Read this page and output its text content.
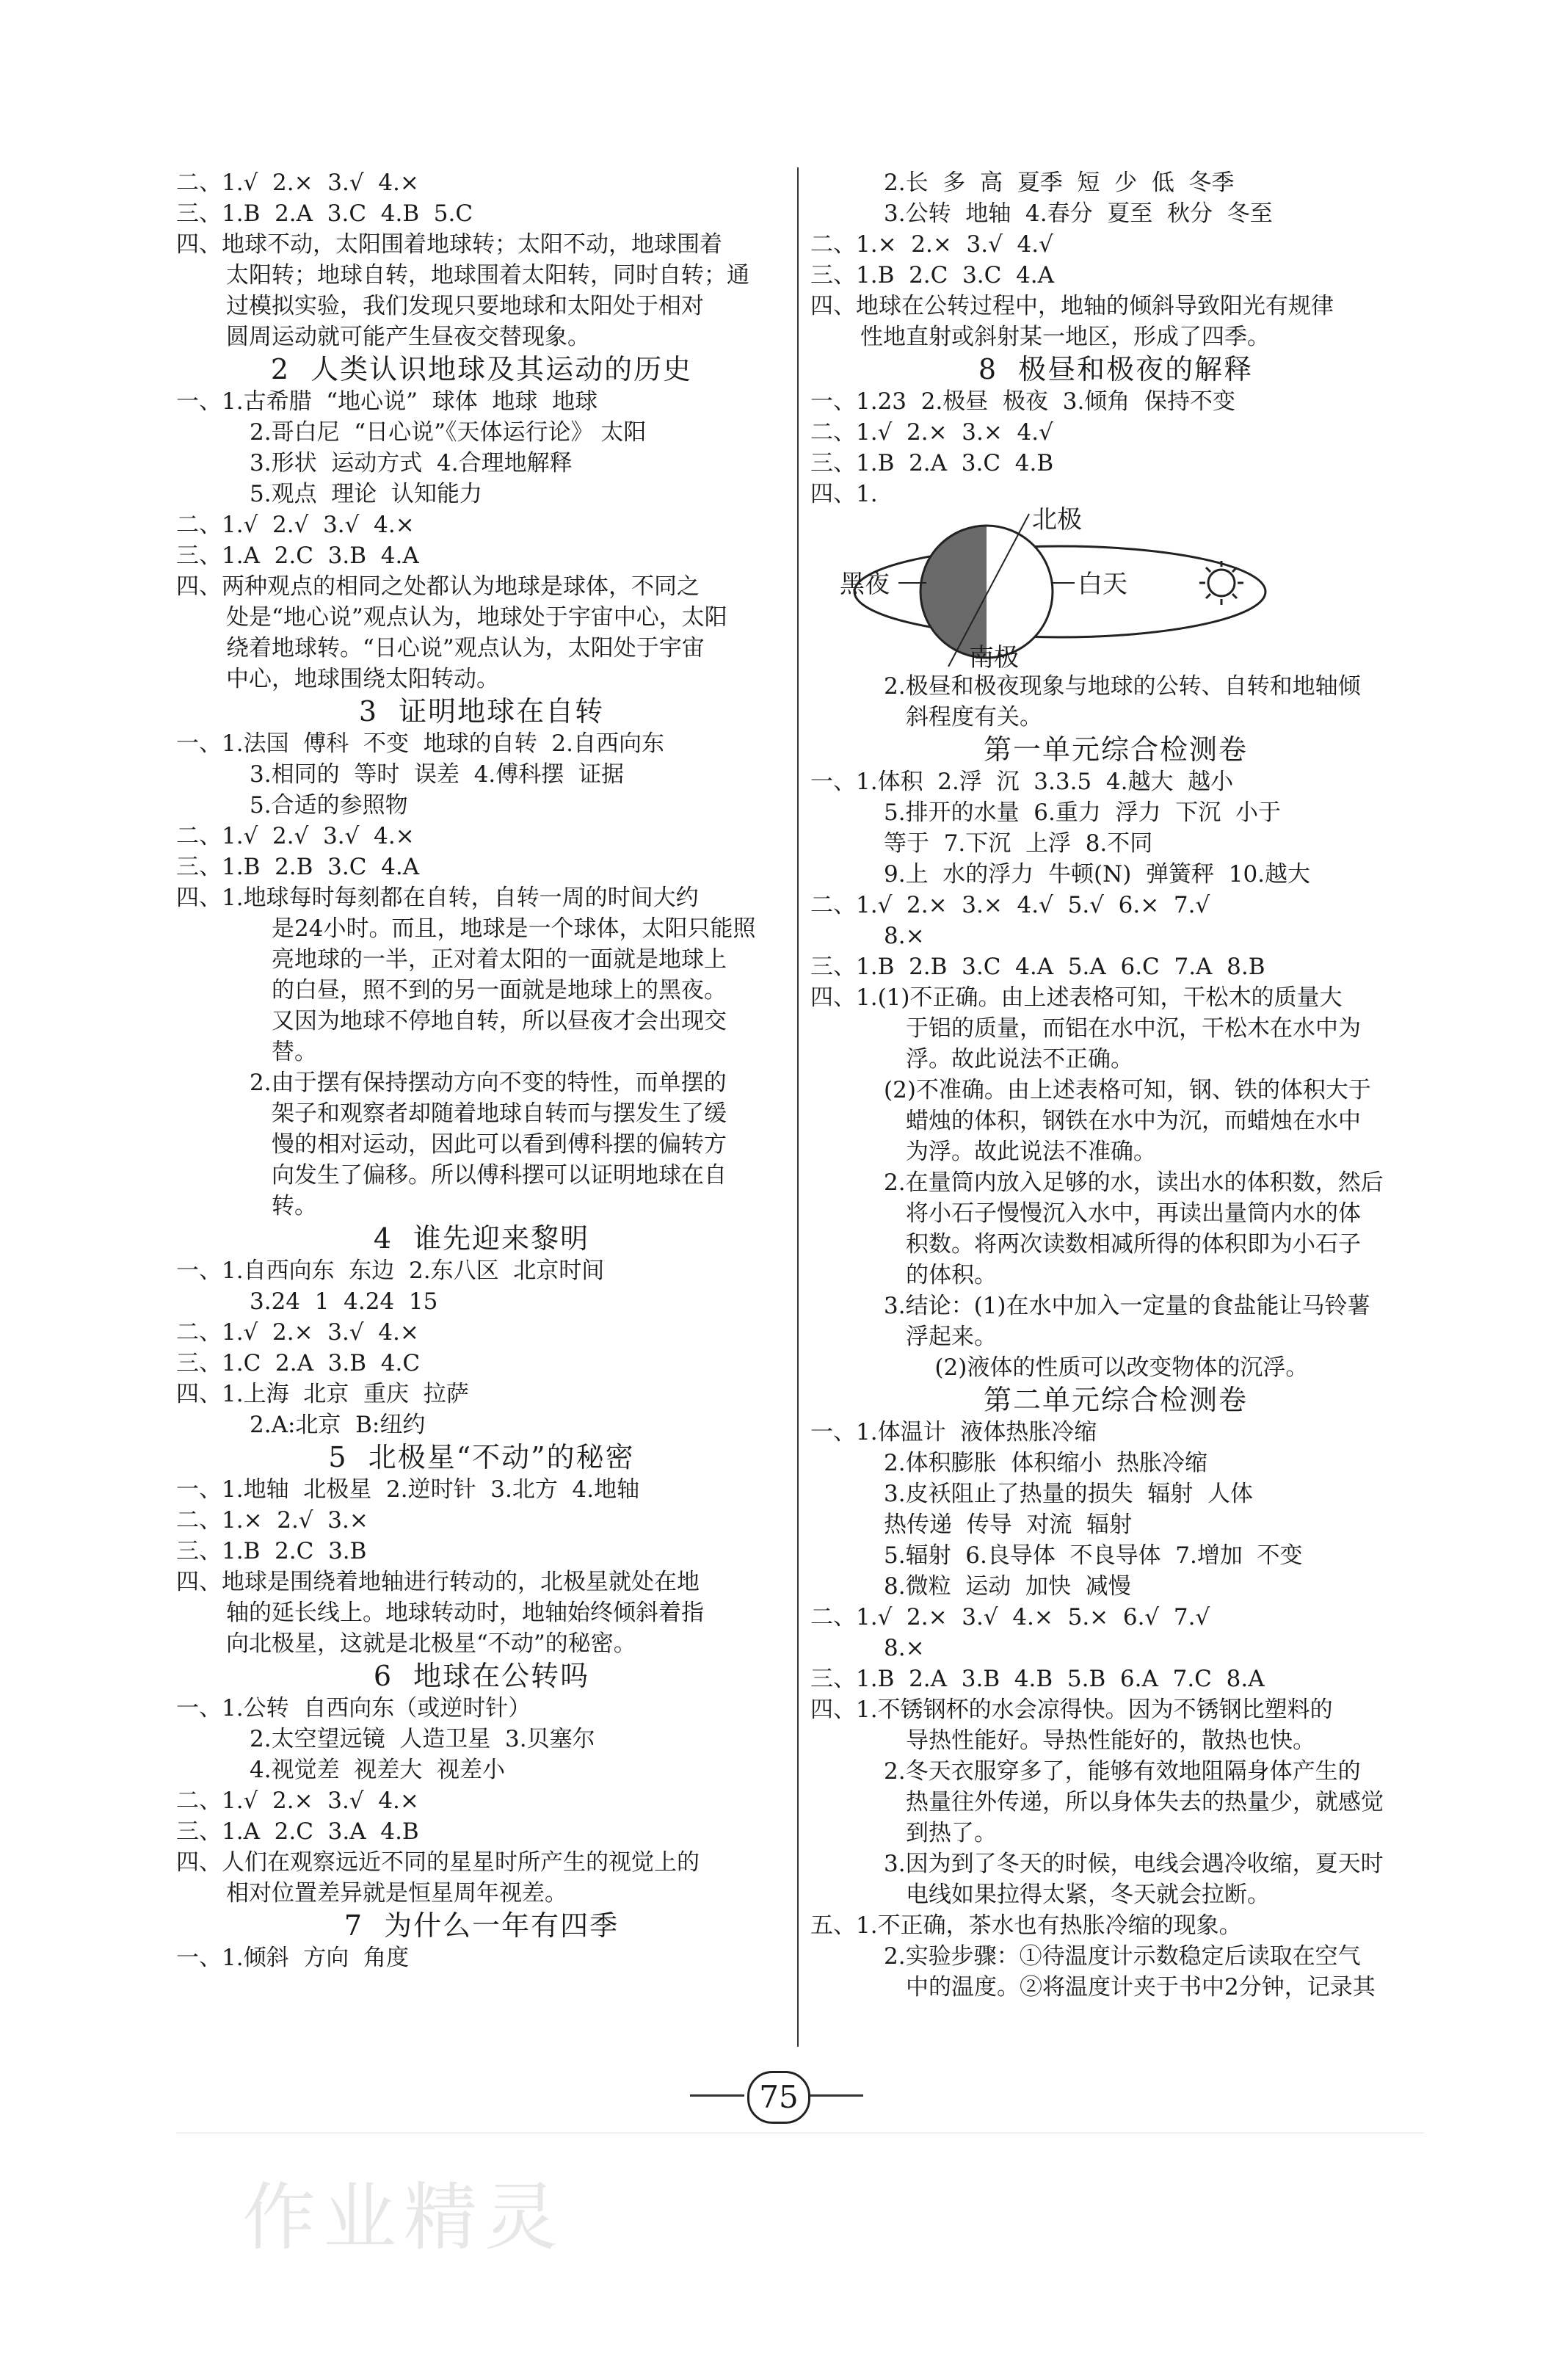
二、1.√  2.×  3.√  4.×
三、1.B  2.A  3.C  4.B  5.C
四、地球不动，太阳围着地球转；太阳不动，地球围着
太阳转；地球自转，地球围着太阳转，同时自转；通
过模拟实验，我们发现只要地球和太阳处于相对
圆周运动就可能产生昼夜交替现象。
2  人类认识地球及其运动的历史
一、1.古希腊  “地心说”  球体  地球  地球
2.哥白尼  “日心说”《天体运行论》 太阳
3.形状  运动方式  4.合理地解释
5.观点  理论  认知能力
二、1.√  2.√  3.√  4.×
三、1.A  2.C  3.B  4.A
四、两种观点的相同之处都认为地球是球体，不同之
处是“地心说”观点认为，地球处于宇宙中心，太阳
绕着地球转。“日心说”观点认为，太阳处于宇宙
中心，地球围绕太阳转动。
3  证明地球在自转
一、1.法国  傅科  不变  地球的自转  2.自西向东
3.相同的  等时  误差  4.傅科摆  证据
5.合适的参照物
二、1.√  2.√  3.√  4.×
三、1.B  2.B  3.C  4.A
四、1.地球每时每刻都在自转，自转一周的时间大约
是24小时。而且，地球是一个球体，太阳只能照
亮地球的一半，正对着太阳的一面就是地球上
的白昼，照不到的另一面就是地球上的黑夜。
又因为地球不停地自转，所以昼夜才会出现交
替。
2.由于摆有保持摆动方向不变的特性，而单摆的
架子和观察者却随着地球自转而与摆发生了缓
慢的相对运动，因此可以看到傅科摆的偏转方
向发生了偏移。所以傅科摆可以证明地球在自
转。
4  谁先迎来黎明
一、1.自西向东  东边  2.东八区  北京时间
3.24  1  4.24  15
二、1.√  2.×  3.√  4.×
三、1.C  2.A  3.B  4.C
四、1.上海  北京  重庆  拉萨
2.A:北京  B:纽约
5  北极星“不动”的秘密
一、1.地轴  北极星  2.逆时针  3.北方  4.地轴
二、1.×  2.√  3.×
三、1.B  2.C  3.B
四、地球是围绕着地轴进行转动的，北极星就处在地
轴的延长线上。地球转动时，地轴始终倾斜着指
向北极星，这就是北极星“不动”的秘密。
6  地球在公转吗
一、1.公转  自西向东（或逆时针）
2.太空望远镜  人造卫星  3.贝塞尔
4.视觉差  视差大  视差小
二、1.√  2.×  3.√  4.×
三、1.A  2.C  3.A  4.B
四、人们在观察远近不同的星星时所产生的视觉上的
相对位置差异就是恒星周年视差。
7  为什么一年有四季
一、1.倾斜  方向  角度
2.长  多  高  夏季  短  少  低  冬季
3.公转  地轴  4.春分  夏至  秋分  冬至
二、1.×  2.×  3.√  4.√
三、1.B  2.C  3.C  4.A
四、地球在公转过程中，地轴的倾斜导致阳光有规律
性地直射或斜射某一地区，形成了四季。
8  极昼和极夜的解释
一、1.23  2.极昼  极夜  3.倾角  保持不变
二、1.√  2.×  3.×  4.√
三、1.B  2.A  3.C  4.B
四、1.
北极
南极
黑夜	白天
2.极昼和极夜现象与地球的公转、自转和地轴倾
斜程度有关。
第一单元综合检测卷
一、1.体积  2.浮  沉  3.3.5  4.越大  越小
5.排开的水量  6.重力  浮力  下沉  小于
等于  7.下沉  上浮  8.不同
9.上  水的浮力  牛顿(N)  弹簧秤  10.越大
二、1.√  2.×  3.×  4.√  5.√  6.×  7.√
8.×
三、1.B  2.B  3.C  4.A  5.A  6.C  7.A  8.B
四、1.(1)不正确。由上述表格可知，干松木的质量大
于铝的质量，而铝在水中沉，干松木在水中为
浮。故此说法不正确。
(2)不准确。由上述表格可知，钢、铁的体积大于
蜡烛的体积，钢铁在水中为沉，而蜡烛在水中
为浮。故此说法不准确。
2.在量筒内放入足够的水，读出水的体积数，然后
将小石子慢慢沉入水中，再读出量筒内水的体
积数。将两次读数相减所得的体积即为小石子
的体积。
3.结论：(1)在水中加入一定量的食盐能让马铃薯
浮起来。
(2)液体的性质可以改变物体的沉浮。
第二单元综合检测卷
一、1.体温计  液体热胀冷缩
2.体积膨胀  体积缩小  热胀冷缩
3.皮袄阻止了热量的损失  辐射  人体
热传递  传导  对流  辐射
5.辐射  6.良导体  不良导体  7.增加  不变
8.微粒  运动  加快  减慢
二、1.√  2.×  3.√  4.×  5.×  6.√  7.√
8.×
三、1.B  2.A  3.B  4.B  5.B  6.A  7.C  8.A
四、1.不锈钢杯的水会凉得快。因为不锈钢比塑料的
导热性能好。导热性能好的，散热也快。
2.冬天衣服穿多了，能够有效地阻隔身体产生的
热量往外传递，所以身体失去的热量少，就感觉
到热了。
3.因为到了冬天的时候，电线会遇冷收缩，夏天时
电线如果拉得太紧，冬天就会拉断。
五、1.不正确，茶水也有热胀冷缩的现象。
2.实验步骤：①待温度计示数稳定后读取在空气
中的温度。②将温度计夹于书中2分钟，记录其
75
作业精灵
